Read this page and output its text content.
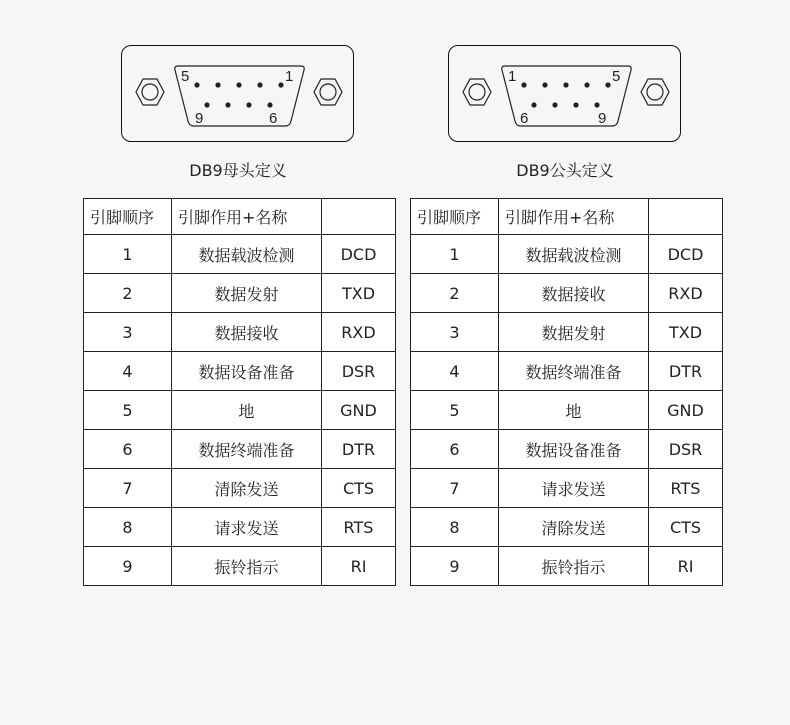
5	1
9	6
DB9母头定义
1	5
6	9
DB9公头定义
引脚顺序	引脚作用+名称	
1	数据载波检测	DCD
2	数据发射	TXD
3	数据接收	RXD
4	数据设备准备	DSR
5	地	GND
6	数据终端准备	DTR
7	清除发送	CTS
8	请求发送	RTS
9	振铃指示	RI
引脚顺序	引脚作用+名称	
1	数据载波检测	DCD
2	数据接收	RXD
3	数据发射	TXD
4	数据终端准备	DTR
5	地	GND
6	数据设备准备	DSR
7	请求发送	RTS
8	清除发送	CTS
9	振铃指示	RI
